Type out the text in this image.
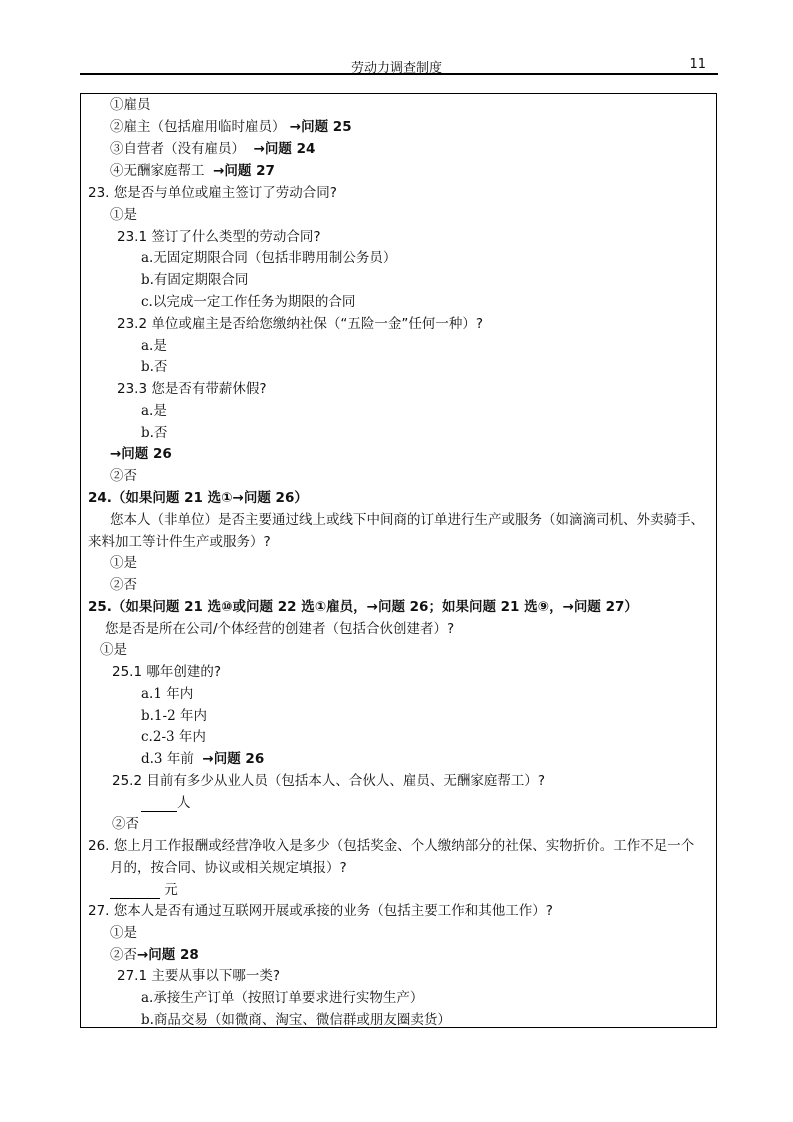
劳动力调查制度	11
①雇员
②雇主（包括雇用临时雇员） →问题 25
③自营者（没有雇员） →问题 24
④无酬家庭帮工 →问题 27
23. 您是否与单位或雇主签订了劳动合同?
①是
23.1 签订了什么类型的劳动合同?
a.无固定期限合同（包括非聘用制公务员）
b.有固定期限合同
c.以完成一定工作任务为期限的合同
23.2 单位或雇主是否给您缴纳社保（“五险一金”任何一种）?
a.是
b.否
23.3 您是否有带薪休假?
a.是
b.否
→问题 26
②否
24.（如果问题 21 选①→问题 26）
您本人（非单位）是否主要通过线上或线下中间商的订单进行生产或服务（如滴滴司机、外卖骑手、
来料加工等计件生产或服务）?
①是
②否
25.（如果问题 21 选⑩或问题 22 选①雇员，→问题 26；如果问题 21 选⑨，→问题 27）
您是否是所在公司/个体经营的创建者（包括合伙创建者）?
①是
25.1 哪年创建的?
a.1 年内
b.1-2 年内
c.2-3 年内
d.3 年前 →问题 26
25.2 目前有多少从业人员（包括本人、合伙人、雇员、无酬家庭帮工）?
人
②否
26. 您上月工作报酬或经营净收入是多少（包括奖金、个人缴纳部分的社保、实物折价。工作不足一个
月的，按合同、协议或相关规定填报）?
元
27. 您本人是否有通过互联网开展或承接的业务（包括主要工作和其他工作）?
①是
②否→问题 28
27.1 主要从事以下哪一类?
a.承接生产订单（按照订单要求进行实物生产）
b.商品交易（如微商、淘宝、微信群或朋友圈卖货）
